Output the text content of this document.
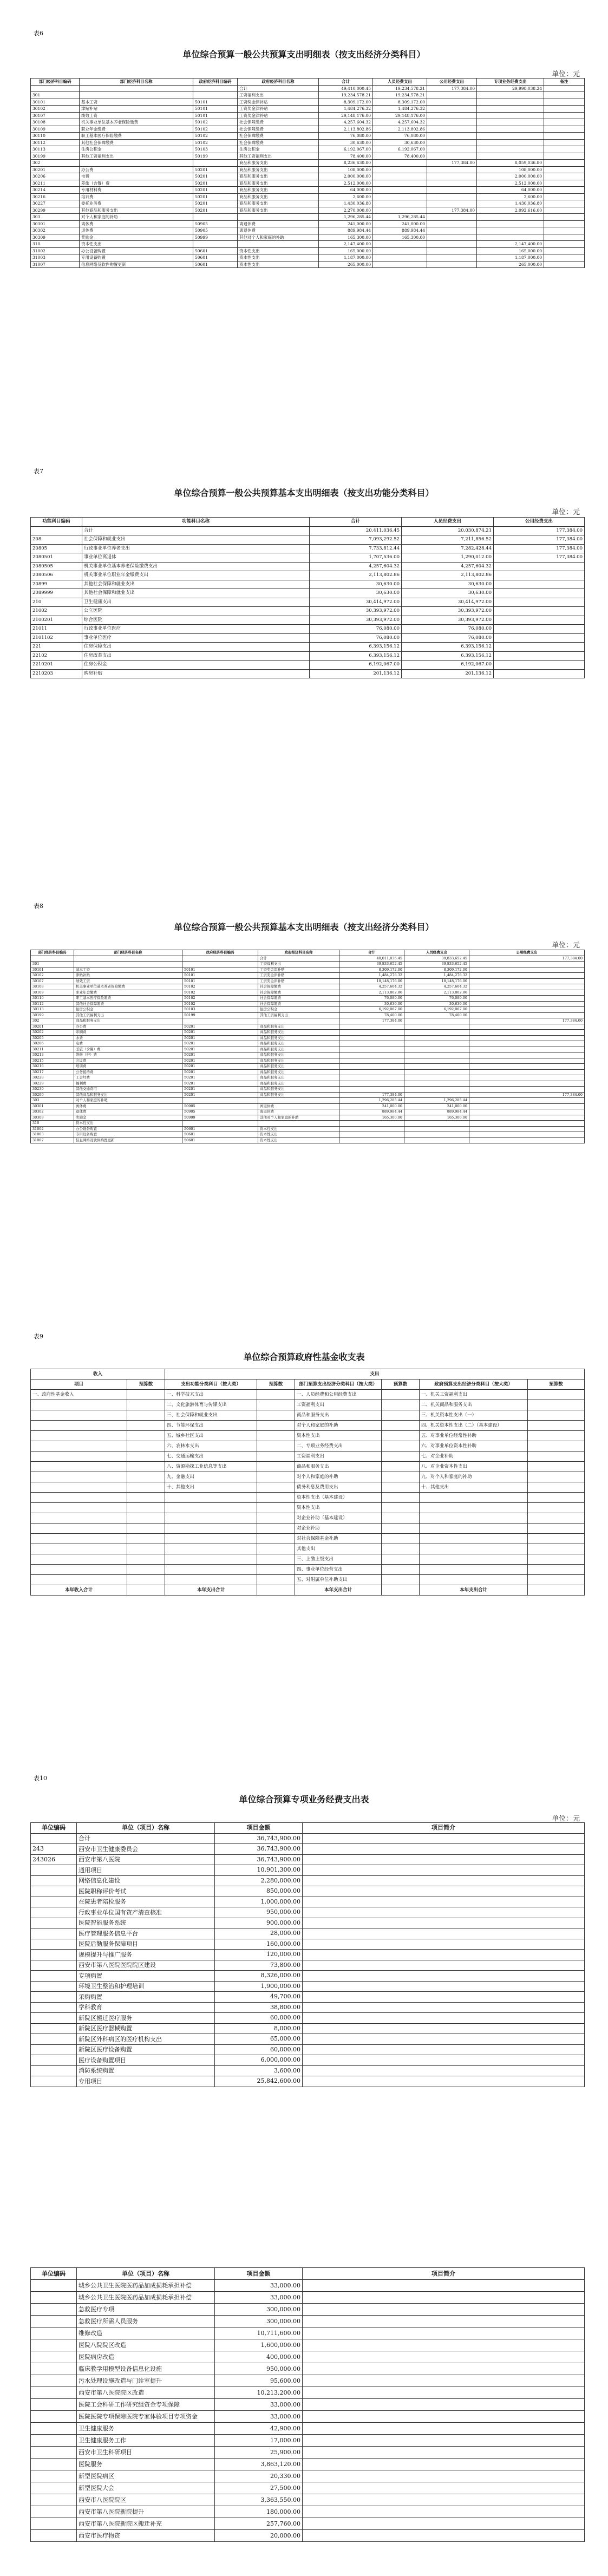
表6
单位综合预算一般公共预算支出明细表（按支出经济分类科目）
单位：元
部门经济科目编码	部门经济科目名称	政府经济科目编码	政府经济科目名称	合计	人员经费支出	公用经费支出	专项业务经费支出	备注
			合计	49,410,000.45	19,234,578.21	177,384.00	29,998,038.24	
301			工资福利支出	19,234,578.21	19,234,578.21			
30101	基本工资	50101	工资奖金津补贴	8,309,172.00	8,309,172.00			
30102	津贴补贴	50101	工资奖金津补贴	1,484,276.32	1,484,276.32			
30107	绩效工资	50101	工资奖金津补贴	29,148,176.00	29,148,176.00			
30108	机关事业单位基本养老保险缴费	50102	社会保障缴费	4,257,604.32	4,257,604.32			
30109	职业年金缴费	50102	社会保障缴费	2,113,802.86	2,113,802.86			
30110	职工基本医疗保险缴费	50102	社会保障缴费	76,080.00	76,080.00			
30112	其他社会保障缴费	50102	社会保障缴费	30,630.00	30,630.00			
30113	住房公积金	50103	住房公积金	6,192,067.00	6,192,067.00			
30199	其他工资福利支出	50199	其他工资福利支出	78,400.00	78,400.00			
302			商品和服务支出	8,236,630.80		177,384.00	8,059,036.80	
30201	办公费	50201	商品和服务支出	108,000.00			108,000.00	
30206	电费	50201	商品和服务支出	2,000,000.00			2,000,000.00	
30211	差旅（含餐）费	50201	商品和服务支出	2,512,000.00			2,512,000.00	
30214	专用材料费	50201	商品和服务支出	64,000.00			64,000.00	
30216	培训费	50201	商品和服务支出	2,600.00			2,600.00	
30227	委托业务费	50201	商品和服务支出	1,430,036.80			1,430,036.80	
30299	其他商品和服务支出	50201	商品和服务支出	2,270,000.00		177,384.00	2,092,616.00	
303	对个人和家庭的补助			1,296,285.44	1,296,285.44			
30301	离休费	50905	离退休费	241,000.00	241,000.00			
30302	退休费	50905	离退休费	889,984.44	889,984.44			
30309	奖励金	50999	其他对个人和家庭的补助	165,300.00	165,300.00			
310	资本性支出			2,147,400.00			2,147,400.00	
31002	办公设备购置	50601	资本性支出	165,000.00			165,000.00	
31003	专用设备购置	50601	资本性支出	1,187,000.00			1,187,000.00	
31007	信息网络及软件购置更新	50601	资本性支出	265,000.00			265,000.00	
表7
单位综合预算一般公共预算基本支出明细表（按支出功能分类科目）
单位：元
功能科目编码	功能科目名称	合计	人员经费支出	公用经费支出
	合计	20,411,036.45	20,030,874.21	177,384.00
208	社会保障和就业支出	7,093,292.52	7,211,856.52	177,384.00
20805	行政事业单位养老支出	7,733,812.44	7,282,428.44	177,384.00
2080501	事业单位离退休	1,707,536.00	1,290,012.00	177,384.00
2080505	机关事业单位基本养老保险缴费支出	4,257,604.32	4,257,604.32	
2080506	机关事业单位职业年金缴费支出	2,113,802.86	2,113,802.86	
20899	其他社会保障和就业支出	30,630.00	30,630.00	
2089999	其他社会保障和就业支出	30,630.00	30,630.00	
210	卫生健康支出	30,414,972.00	30,414,972.00	
21002	公立医院	30,393,972.00	30,393,972.00	
2100201	综合医院	30,393,972.00	30,393,972.00	
21011	行政事业单位医疗	76,080.00	76,080.00	
2101102	事业单位医疗	76,080.00	76,080.00	
221	住房保障支出	6,393,156.12	6,393,156.12	
22102	住房改革支出	6,393,156.12	6,393,156.12	
2210201	住房公积金	6,192,067.00	6,192,067.00	
2210203	购房补贴	201,136.12	201,136.12	
表8
单位综合预算一般公共预算基本支出明细表（按支出经济分类科目）
单位：元
部门经济科目编码	部门经济科目名称	政府经济科目编码	政府经济科目名称	合计	人员经费支出	公用经费支出
			合计	40,011,036.45	39,833,652.45	177,384.00
301			工资福利支出	39,833,652.45	39,833,652.45	
30101	基本工资	50101	工资奖金津补贴	8,309,172.00	8,309,172.00	
30102	津贴补贴	50101	工资奖金津补贴	1,484,276.32	1,484,276.32	
30107	绩效工资	50101	工资奖金津补贴	18,148,176.00	18,148,176.00	
30108	机关事业单位基本养老保险缴费	50102	社会保障缴费	4,257,604.32	4,257,604.32	
30109	职业年金缴费	50102	社会保障缴费	2,113,802.86	2,113,802.86	
30110	职工基本医疗保险缴费	50102	社会保障缴费	76,080.00	76,080.00	
30112	其他社会保障缴费	50102	社会保障缴费	30,630.00	30,630.00	
30113	住房公积金	50103	住房公积金	6,192,067.00	6,192,067.00	
30199	其他工资福利支出	50199	其他工资福利支出	78,400.00	78,400.00	
302	商品和服务支出			177,384.00		177,384.00
30201	办公费	50201	商品和服务支出			
30202	印刷费	50201	商品和服务支出			
30205	水费	50201	商品和服务支出			
30206	电费	50201	商品和服务支出			
30211	差旅（含餐）费	50201	商品和服务支出			
30213	维修（护）费	50201	商品和服务支出			
30215	会议费	50201	商品和服务支出			
30216	培训费	50201	商品和服务支出			
30217	公务接待费	50201	商品和服务支出			
30228	工会经费	50201	商品和服务支出			
30229	福利费	50201	商品和服务支出			
30239	其他交通费用	50201	商品和服务支出			
30299	其他商品和服务支出	50201	商品和服务支出	177,384.00		177,384.00
303	对个人和家庭的补助			1,296,285.44	1,296,285.44	
30301	离休费	50905	离退休费	241,000.00	241,000.00	
30302	退休费	50905	离退休费	889,984.44	889,984.44	
30309	奖励金	50999	其他对个人和家庭的补助	165,300.00	165,300.00	
310	资本性支出					
31002	办公设备购置	50601	资本性支出			
31003	专用设备购置	50601	资本性支出			
31007	信息网络及软件购置更新	50601	资本性支出			
表9
单位综合预算政府性基金收支表
收入		支出					
项目	预算数	支出功能分类科目（按大类）	预算数	部门预算支出经济分类科目（按大类）	预算数	政府预算支出经济分类科目（按大类）	预算数
一、政府性基金收入		一、科学技术支出		一、人员经费和公用经费支出		一、机关工资福利支出	
		二、文化旅游体育与传媒支出		工资福利支出		二、机关商品和服务支出	
		三、社会保障和就业支出		商品和服务支出		三、机关资本性支出（一）	
		四、节能环保支出		对个人和家庭的补助		四、机关资本性支出（二）（基本建设）	
		五、城乡社区支出		资本性支出		五、对事业单位经常性补助	
		六、农林水支出		二、专项业务经费支出		六、对事业单位资本性补助	
		七、交通运输支出		工资福利支出		七、对企业补助	
		八、资源勘探工业信息等支出		商品和服务支出		八、对企业资本性支出	
		九、金融支出		对个人和家庭的补助		九、对个人和家庭的补助	
		十、其他支出		债务利息及费用支出		十、其他支出	
				资本性支出（基本建设）			
				资本性支出			
				对企业补助（基本建设）			
				对企业补助			
				对社会保障基金补助			
				其他支出			
				三、上缴上级支出			
				四、事业单位经营支出			
				五、对附属单位补助支出			
本年收入合计		本年支出合计		本年支出合计		本年支出合计	
表10
单位综合预算专项业务经费支出表
单位：元
单位编码	单位（项目）名称	项目金额	项目简介
	合计	36,743,900.00	
243	西安市卫生健康委员会	36,743,900.00	
243026	西安市第八医院	36,743,900.00	
	通用项目	10,901,300.00	
	网络信息化建设	2,280,000.00	
	医院职称评价考试	850,000.00	
	在院患者陪检服务	1,000,000.00	
	行政事业单位国有资产清查核准	950,000.00	
	医院智能服务系统	900,000.00	
	医疗管理服务信息平台	28,000.00	
	医院后勤服务保障项目	160,000.00	
	规模提升与推广服务	120,000.00	
	西安市第八医院医院院区建设	73,800.00	
	专项购置	8,326,000.00	
	环境卫生整治和护理培训	1,900,000.00	
	采购购置	49,700.00	
	学科教育	38,800.00	
	新院区搬迁医疗服务	60,000.00	
	新院区医疗器械购置	8,000.00	
	新院区外科病区的医疗机构支出	65,000.00	
	新院区医疗设备购置	60,000.00	
	医疗设备购置项目	6,000,000.00	
	消防系统购置	3,600.00	
	专用项目	25,842,600.00	
单位编码	单位（项目）名称	项目金额	项目简介
	城乡公共卫生医院医药品加成损耗承担补偿	33,000.00	
	城乡公共卫生医院医药品加成损耗承担补偿	33,000.00	
	急救医疗专项	300,000.00	
	急救医疗所需人员服务	300,000.00	
	维修改造	10,711,600.00	
	医院八院院区改造	1,600,000.00	
	医院病房改造	400,000.00	
	临床教学用模型设备信息化设施	950,000.00	
	污水处理设施改造与门诊室提升	95,600.00	
	西安市第八医院院区改造	10,213,200.00	
	医院工会科研工作研究组资金专项保障	33,000.00	
	医院医院专项保障医院专家体验项目专项资金	33,000.00	
	卫生健康服务	42,900.00	
	卫生健康服务工作	17,000.00	
	西安市卫生科研项目	25,900.00	
	医院服务	3,863,120.00	
	新型医院病区	20,330.00	
	新型医院大会	27,500.00	
	西安市八医院院区	3,363,550.00	
	西安市第八医院新院提升	180,000.00	
	西安市第八医院新院区搬迁补充	257,760.00	
	西安市医疗物资	20,000.00	
